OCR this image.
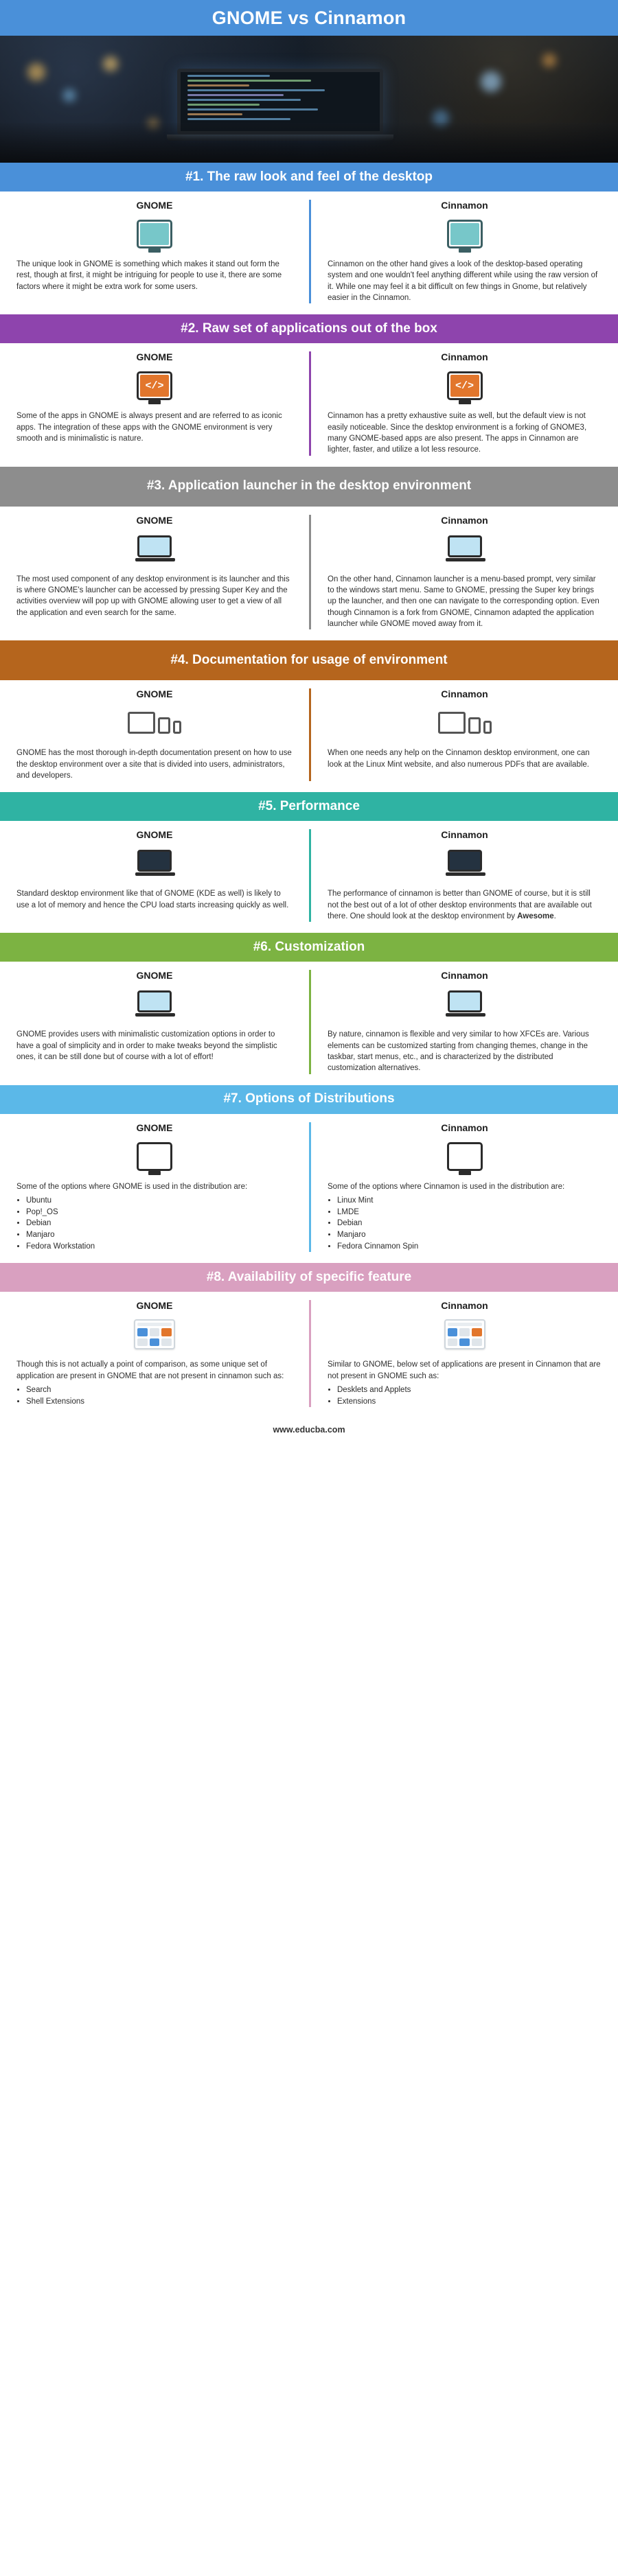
GNOME vs Cinnamon
#1. The raw look and feel of the desktop
GNOME
The unique look in GNOME is something which makes it stand out form the rest, though at first, it might be intriguing for people to use it, there are some factors where it might be extra work for some users.
Cinnamon
Cinnamon on the other hand gives a look of the desktop-based operating system and one wouldn't feel anything different while using the raw version of it. While one may feel it a bit difficult on few things in Gnome, but relatively easier in the Cinnamon.
#2. Raw set of applications out of the box
GNOME
</>
Some of the apps in GNOME is always present and are referred to as iconic apps. The integration of these apps with the GNOME environment is very smooth and is minimalistic is nature.
Cinnamon
</>
Cinnamon has a pretty exhaustive suite as well, but the default view is not easily noticeable. Since the desktop environment is a forking of GNOME3, many GNOME-based apps are also present. The apps in Cinnamon are lighter, faster, and utilize a lot less resource.
#3. Application launcher in the desktop environment
GNOME
The most used component of any desktop environment is its launcher and this is where GNOME's launcher can be accessed by pressing Super Key and the activities overview will pop up with GNOME allowing user to get a view of all the application and even search for the same.
Cinnamon
On the other hand, Cinnamon launcher is a menu-based prompt, very similar to the windows start menu. Same to GNOME, pressing the Super key brings up the launcher, and then one can navigate to the corresponding option. Even though Cinnamon is a fork from GNOME, Cinnamon adapted the application launcher while GNOME moved away from it.
#4. Documentation for usage of environment
GNOME
GNOME has the most thorough in-depth documentation present on how to use the desktop environment over a site that is divided into users, administrators, and developers.
Cinnamon
When one needs any help on the Cinnamon desktop environment, one can look at the Linux Mint website, and also numerous PDFs that are available.
#5. Performance
GNOME
Standard desktop environment like that of GNOME (KDE as well) is likely to use a lot of memory and hence the CPU load starts increasing quickly as well.
Cinnamon
The performance of cinnamon is better than GNOME of course, but it is still not the best out of a lot of other desktop environments that are available out there. One should look at the desktop environment by Awesome.
#6. Customization
GNOME
GNOME provides users with minimalistic customization options in order to have a goal of simplicity and in order to make tweaks beyond the simplistic ones, it can be still done but of course with a lot of effort!
Cinnamon
By nature, cinnamon is flexible and very similar to how XFCEs are. Various elements can be customized starting from changing themes, change in the taskbar, start menus, etc., and is characterized by the distributed customization alternatives.
#7. Options of Distributions
GNOME
Some of the options where GNOME is used in the distribution are:
• Ubuntu
• Pop!_OS
• Debian
• Manjaro
• Fedora Workstation
Cinnamon
Some of the options where Cinnamon is used in the distribution are:
• Linux Mint
• LMDE
• Debian
• Manjaro
• Fedora Cinnamon Spin
#8. Availability of specific feature
GNOME
Though this is not actually a point of comparison, as some unique set of application are present in GNOME that are not present in cinnamon such as:
• Search
• Shell Extensions
Cinnamon
Similar to GNOME, below set of applications are present in Cinnamon that are not present in GNOME such as:
• Desklets and Applets
• Extensions
www.educba.com
